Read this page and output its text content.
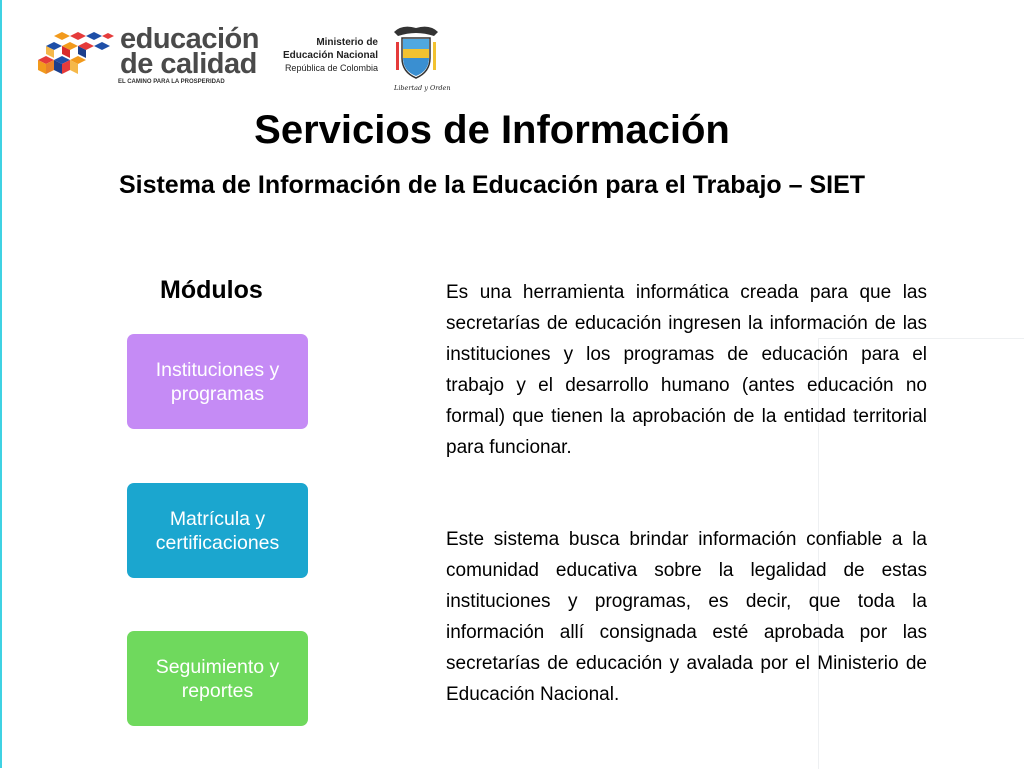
educación
de calidad
EL CAMINO PARA LA PROSPERIDAD
Ministerio de
Educación Nacional
República de Colombia
Libertad y Orden
Servicios de Información
Sistema de Información de la Educación para el Trabajo – SIET
Módulos
Instituciones y programas
Matrícula y certificaciones
Seguimiento y reportes

Es una herramienta informática creada para que las secretarías de educación ingresen la información de las instituciones y los programas de educación para el trabajo y el desarrollo humano (antes educación no formal) que tienen la aprobación de la entidad territorial para funcionar.

Este sistema busca brindar información confiable a la comunidad educativa sobre la legalidad de estas instituciones y programas, es decir, que toda la información allí consignada esté aprobada por las secretarías de educación y avalada por el Ministerio de Educación Nacional.
